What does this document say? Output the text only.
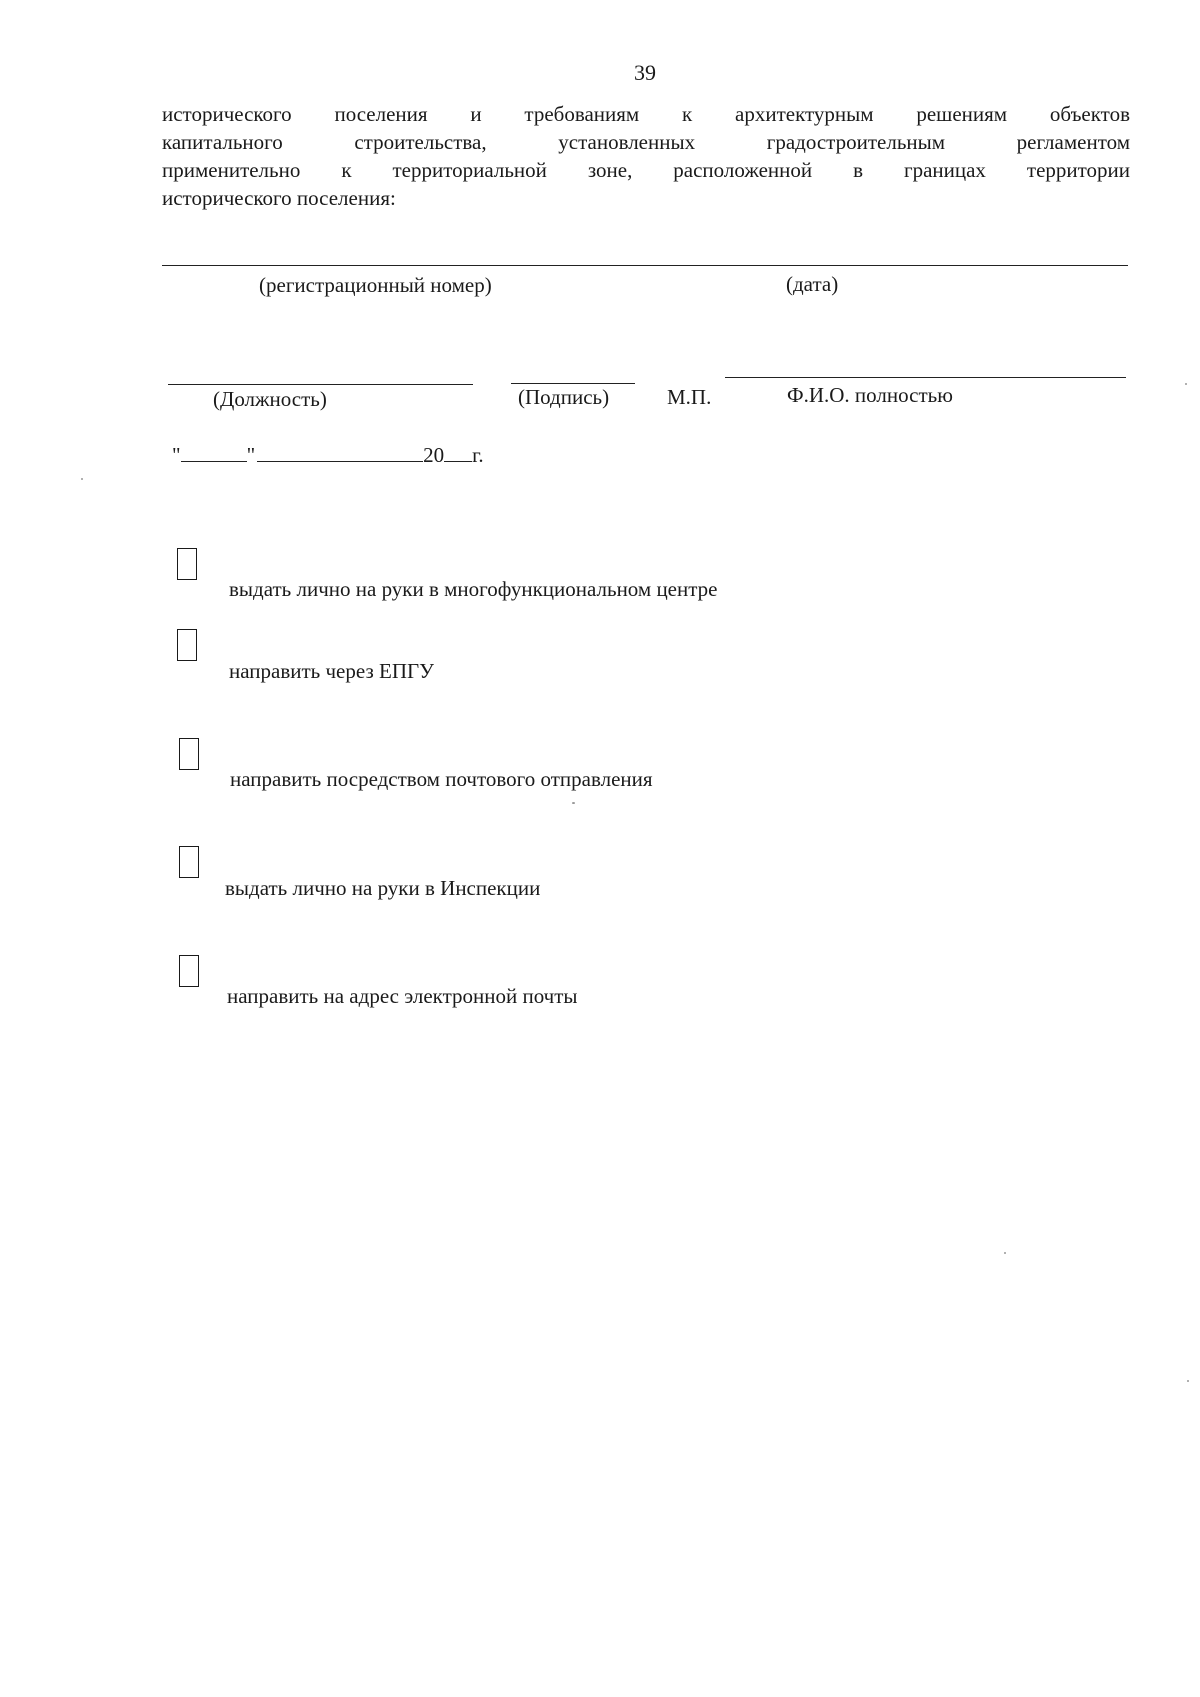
39
исторического поселения и требованиям к архитектурным решениям объектов
капитального строительства, установленных градостроительным регламентом
применительно к территориальной зоне, расположенной в границах территории
исторического поселения:
(регистрационный номер)	(дата)
(Должность)	(Подпись)	М.П.	Ф.И.О. полностью
"	"	20 г.
выдать лично на руки в многофункциональном центре
направить через ЕПГУ
направить посредством почтового отправления
выдать лично на руки в Инспекции
направить на адрес электронной почты
